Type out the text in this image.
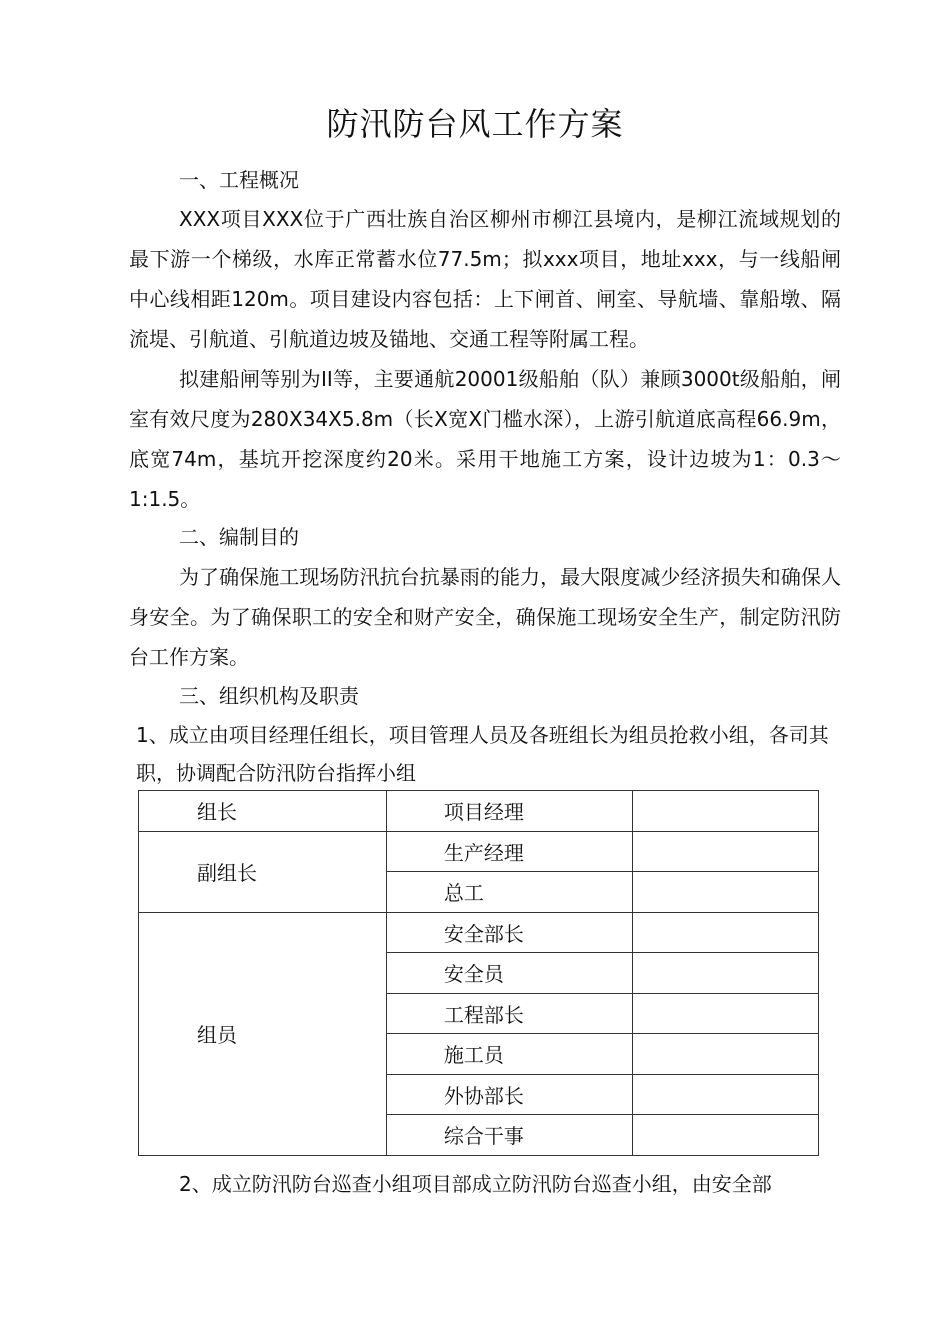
防汛防台风工作方案

一、工程概况

XXX项目XXX位于广西壮族自治区柳州市柳江县境内，是柳江流域规划的最下游一个梯级，水库正常蓄水位77.5m；拟xxx项目，地址xxx，与一线船闸中心线相距120m。项目建设内容包括：上下闸首、闸室、导航墙、靠船墩、隔流堤、引航道、引航道边坡及锚地、交通工程等附属工程。

拟建船闸等别为II等，主要通航20001级船舶（队）兼顾3000t级船舶，闸室有效尺度为280X34X5.8m（长X宽X门槛水深），上游引航道底高程66.9m，底宽74m，基坑开挖深度约20米。采用干地施工方案，设计边坡为1：0.3〜1:1.5。

二、编制目的

为了确保施工现场防汛抗台抗暴雨的能力，最大限度减少经济损失和确保人身安全。为了确保职工的安全和财产安全，确保施工现场安全生产，制定防汛防台工作方案。

三、组织机构及职责

1、成立由项目经理任组长，项目管理人员及各班组长为组员抢救小组，各司其职，协调配合防汛防台指挥小组

组长	项目经理	
副组长	生产经理	
	总工	
组员	安全部长	
	安全员	
	工程部长	
	施工员	
	外协部长	
	综合干事	

2、成立防汛防台巡查小组项目部成立防汛防台巡查小组，由安全部
